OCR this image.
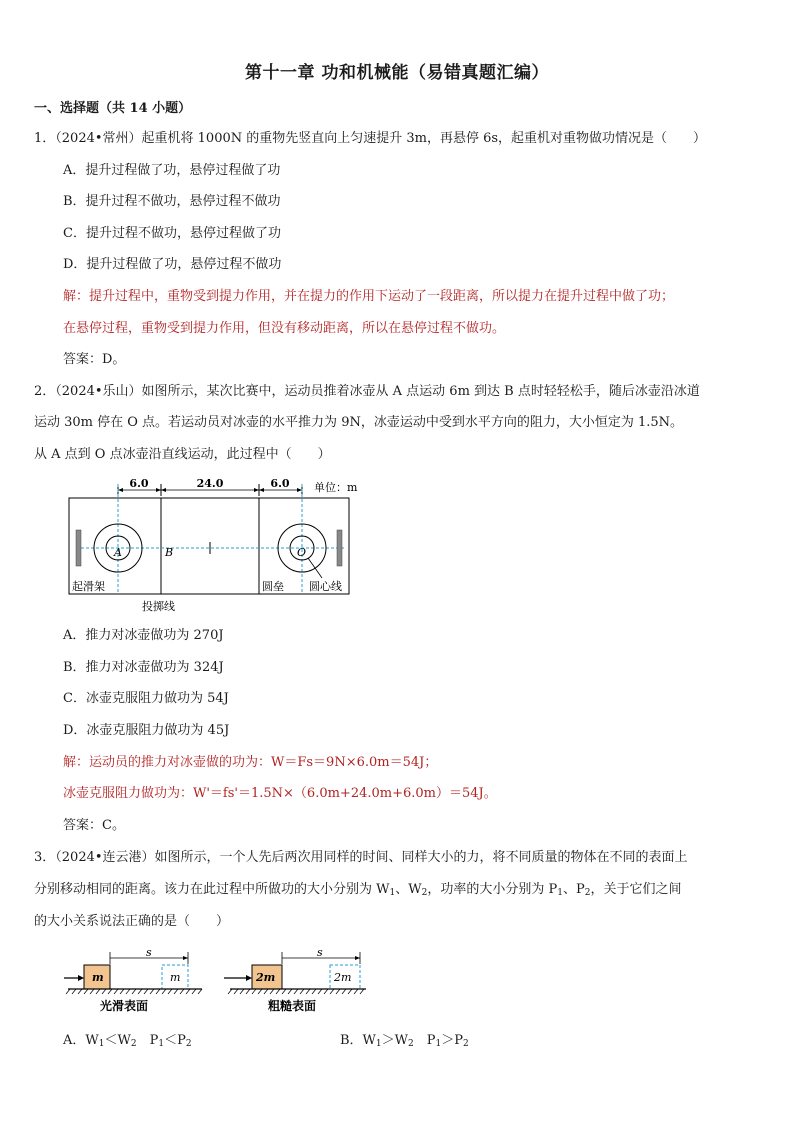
第十一章 功和机械能（易错真题汇编）
一、选择题（共 14 小题）
1．（2024•常州）起重机将 1000N 的重物先竖直向上匀速提升 3m，再悬停 6s，起重机对重物做功情况是（　　）
A．提升过程做了功，悬停过程做了功
B．提升过程不做功，悬停过程不做功
C．提升过程不做功，悬停过程做了功
D．提升过程做了功，悬停过程不做功
解：提升过程中，重物受到提力作用，并在提力的作用下运动了一段距离，所以提力在提升过程中做了功；
在悬停过程，重物受到提力作用，但没有移动距离，所以在悬停过程不做功。
答案：D。
2．（2024•乐山）如图所示，某次比赛中，运动员推着冰壶从 A 点运动 6m 到达 B 点时轻轻松手，随后冰壶沿冰道
运动 30m 停在 O 点。若运动员对冰壶的水平推力为 9N，冰壶运动中受到水平方向的阻力，大小恒定为 1.5N。
从 A 点到 O 点冰壶沿直线运动，此过程中（　　）
6.0	24.0	6.0 单位：m
A	B	O
起滑架	圆垒 圆心线
投掷线
A．推力对冰壶做功为 270J
B．推力对冰壶做功为 324J
C．冰壶克服阻力做功为 54J
D．冰壶克服阻力做功为 45J
解：运动员的推力对冰壶做的功为：W＝Fs＝9N×6.0m＝54J；
冰壶克服阻力做功为：W'＝fs'＝1.5N×（6.0m+24.0m+6.0m）＝54J。
答案：C。
3．（2024•连云港）如图所示，一个人先后两次用同样的时间、同样大小的力，将不同质量的物体在不同的表面上
分别移动相同的距离。该力在此过程中所做功的大小分别为 $W_1$、$W_2$，功率的大小分别为 $P_1$、$P_2$，关于它们之间
的大小关系说法正确的是（　　）
m	m
s
光滑表面
2m	2m
s
粗糙表面
A．$W_1<W_2$　$P_1<P_2$	B．$W_1>W_2$　$P_1>P_2$
